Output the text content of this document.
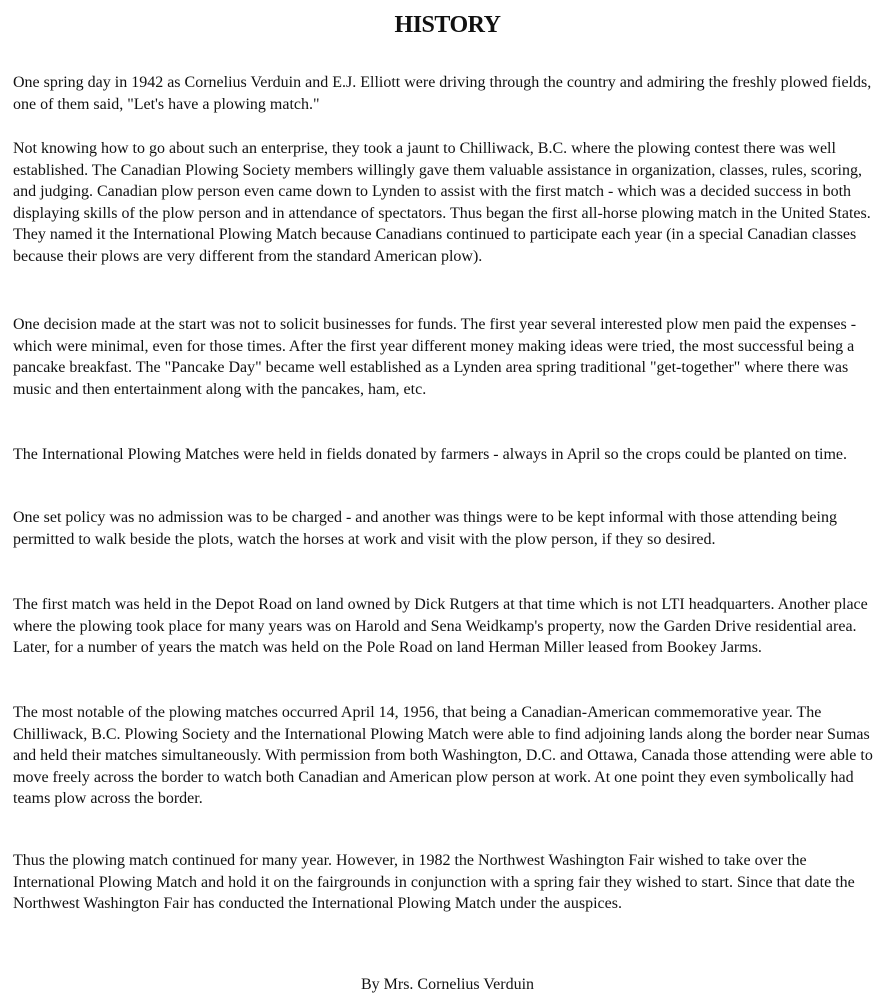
HISTORY

One spring day in 1942 as Cornelius Verduin and E.J. Elliott were driving through the country and admiring the freshly plowed fields, one of them said, "Let's have a plowing match."

Not knowing how to go about such an enterprise, they took a jaunt to Chilliwack, B.C. where the plowing contest there was well established. The Canadian Plowing Society members willingly gave them valuable assistance in organization, classes, rules, scoring, and judging. Canadian plow person even came down to Lynden to assist with the first match - which was a decided success in both displaying skills of the plow person and in attendance of spectators. Thus began the first all-horse plowing match in the United States. They named it the International Plowing Match because Canadians continued to participate each year (in a special Canadian classes because their plows are very different from the standard American plow).

One decision made at the start was not to solicit businesses for funds. The first year several interested plow men paid the expenses - which were minimal, even for those times. After the first year different money making ideas were tried, the most successful being a pancake breakfast. The "Pancake Day" became well established as a Lynden area spring traditional "get-together" where there was music and then entertainment along with the pancakes, ham, etc.

The International Plowing Matches were held in fields donated by farmers - always in April so the crops could be planted on time.

One set policy was no admission was to be charged - and another was things were to be kept informal with those attending being permitted to walk beside the plots, watch the horses at work and visit with the plow person, if they so desired.

The first match was held in the Depot Road on land owned by Dick Rutgers at that time which is not LTI headquarters. Another place where the plowing took place for many years was on Harold and Sena Weidkamp's property, now the Garden Drive residential area. Later, for a number of years the match was held on the Pole Road on land Herman Miller leased from Bookey Jarms.

The most notable of the plowing matches occurred April 14, 1956, that being a Canadian-American commemorative year. The Chilliwack, B.C. Plowing Society and the International Plowing Match were able to find adjoining lands along the border near Sumas and held their matches simultaneously. With permission from both Washington, D.C. and Ottawa, Canada those attending were able to move freely across the border to watch both Canadian and American plow person at work. At one point they even symbolically had teams plow across the border.

Thus the plowing match continued for many year. However, in 1982 the Northwest Washington Fair wished to take over the International Plowing Match and hold it on the fairgrounds in conjunction with a spring fair they wished to start. Since that date the Northwest Washington Fair has conducted the International Plowing Match under the auspices.

By Mrs. Cornelius Verduin
